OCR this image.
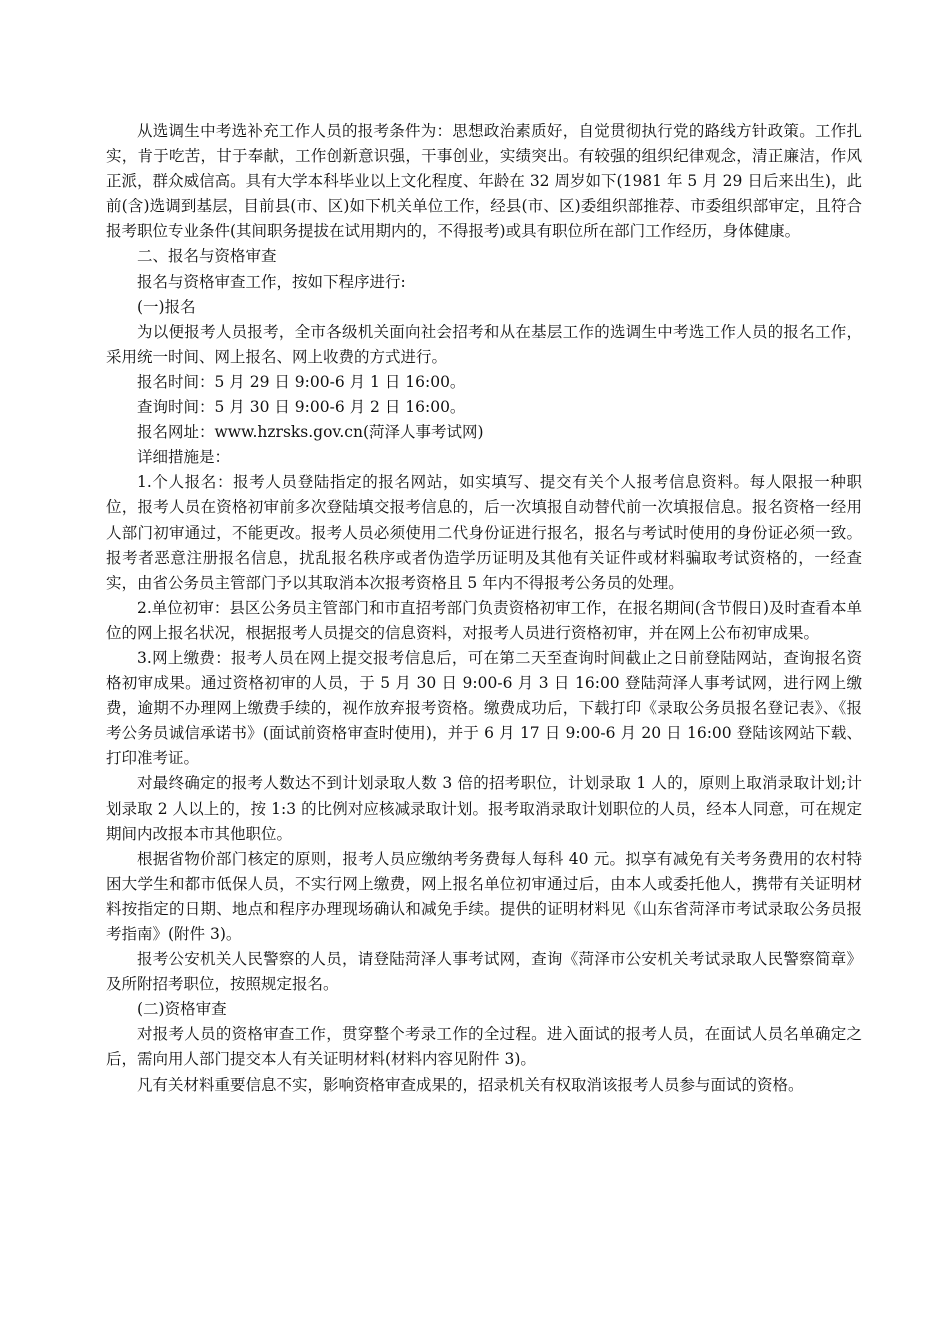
从选调生中考选补充工作人员的报考条件为：思想政治素质好，自觉贯彻执行党的路线方针政策。工作扎实，肯于吃苦，甘于奉献，工作创新意识强，干事创业，实绩突出。有较强的组织纪律观念，清正廉洁，作风正派，群众威信高。具有大学本科毕业以上文化程度、年龄在 32 周岁如下(1981 年 5 月 29 日后来出生)，此前(含)选调到基层，目前县(市、区)如下机关单位工作，经县(市、区)委组织部推荐、市委组织部审定，且符合报考职位专业条件(其间职务提拔在试用期内的，不得报考)或具有职位所在部门工作经历，身体健康。

二、报名与资格审查

报名与资格审查工作，按如下程序进行:

(一)报名

为以便报考人员报考，全市各级机关面向社会招考和从在基层工作的选调生中考选工作人员的报名工作，采用统一时间、网上报名、网上收费的方式进行。

报名时间：5 月 29 日 9:00-6 月 1 日 16:00。

查询时间：5 月 30 日 9:00-6 月 2 日 16:00。

报名网址：www.hzrsks.gov.cn(菏泽人事考试网)

详细措施是：

1.个人报名：报考人员登陆指定的报名网站，如实填写、提交有关个人报考信息资料。每人限报一种职位，报考人员在资格初审前多次登陆填交报考信息的，后一次填报自动替代前一次填报信息。报名资格一经用人部门初审通过，不能更改。报考人员必须使用二代身份证进行报名，报名与考试时使用的身份证必须一致。报考者恶意注册报名信息，扰乱报名秩序或者伪造学历证明及其他有关证件或材料骗取考试资格的，一经查实，由省公务员主管部门予以其取消本次报考资格且 5 年内不得报考公务员的处理。

2.单位初审：县区公务员主管部门和市直招考部门负责资格初审工作，在报名期间(含节假日)及时查看本单位的网上报名状况，根据报考人员提交的信息资料，对报考人员进行资格初审，并在网上公布初审成果。

3.网上缴费：报考人员在网上提交报考信息后，可在第二天至查询时间截止之日前登陆网站，查询报名资格初审成果。通过资格初审的人员，于 5 月 30 日 9:00-6 月 3 日 16:00 登陆菏泽人事考试网，进行网上缴费，逾期不办理网上缴费手续的，视作放弃报考资格。缴费成功后，下载打印《录取公务员报名登记表》、《报考公务员诚信承诺书》(面试前资格审查时使用)，并于 6 月 17 日 9:00-6 月 20 日 16:00 登陆该网站下载、打印准考证。

对最终确定的报考人数达不到计划录取人数 3 倍的招考职位，计划录取 1 人的，原则上取消录取计划;计划录取 2 人以上的，按 1:3 的比例对应核减录取计划。报考取消录取计划职位的人员，经本人同意，可在规定期间内改报本市其他职位。

根据省物价部门核定的原则，报考人员应缴纳考务费每人每科 40 元。拟享有减免有关考务费用的农村特困大学生和都市低保人员，不实行网上缴费，网上报名单位初审通过后，由本人或委托他人，携带有关证明材料按指定的日期、地点和程序办理现场确认和减免手续。提供的证明材料见《山东省菏泽市考试录取公务员报考指南》(附件 3)。

报考公安机关人民警察的人员，请登陆菏泽人事考试网，查询《菏泽市公安机关考试录取人民警察简章》及所附招考职位，按照规定报名。

(二)资格审查

对报考人员的资格审查工作，贯穿整个考录工作的全过程。进入面试的报考人员，在面试人员名单确定之后，需向用人部门提交本人有关证明材料(材料内容见附件 3)。

凡有关材料重要信息不实，影响资格审查成果的，招录机关有权取消该报考人员参与面试的资格。
